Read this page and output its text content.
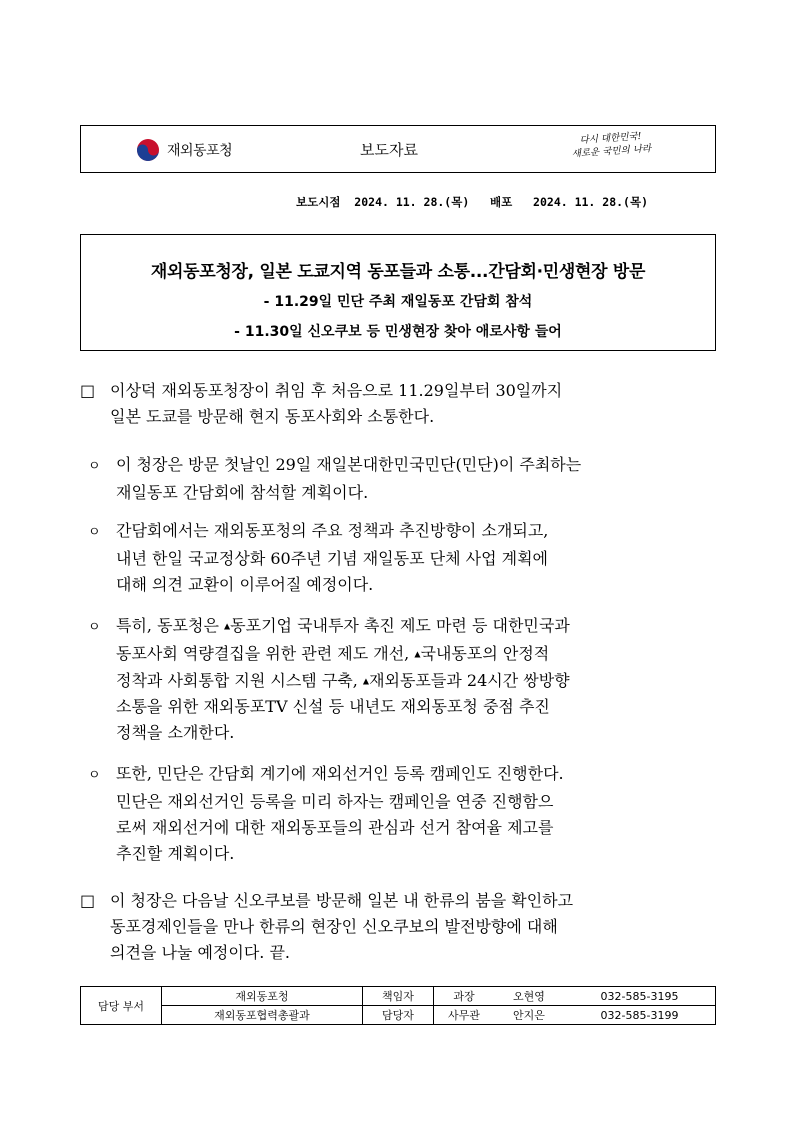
재외동포청	보도자료
다시 대한민국!
새로운 국민의 나라
보도시점 2024. 11. 28.(목) 배포 2024. 11. 28.(목)
재외동포청장, 일본 도쿄지역 동포들과 소통...간담회·민생현장 방문
- 11.29일 민단 주최 재일동포 간담회 참석
- 11.30일 신오쿠보 등 민생현장 찾아 애로사항 들어
□ 이상덕 재외동포청장이 취임 후 처음으로 11.29일부터 30일까지
일본 도쿄를 방문해 현지 동포사회와 소통한다.
ㅇ 이 청장은 방문 첫날인 29일 재일본대한민국민단(민단)이 주최하는
재일동포 간담회에 참석할 계획이다.
ㅇ 간담회에서는 재외동포청의 주요 정책과 추진방향이 소개되고,
내년 한일 국교정상화 60주년 기념 재일동포 단체 사업 계획에
대해 의견 교환이 이루어질 예정이다.
ㅇ 특히, 동포청은 ▲동포기업 국내투자 촉진 제도 마련 등 대한민국과
동포사회 역량결집을 위한 관련 제도 개선, ▲국내동포의 안정적
정착과 사회통합 지원 시스템 구축, ▲재외동포들과 24시간 쌍방향
소통을 위한 재외동포TV 신설 등 내년도 재외동포청 중점 추진
정책을 소개한다.
ㅇ 또한, 민단은 간담회 계기에 재외선거인 등록 캠페인도 진행한다.
민단은 재외선거인 등록을 미리 하자는 캠페인을 연중 진행함으
로써 재외선거에 대한 재외동포들의 관심과 선거 참여율 제고를
추진할 계획이다.
□ 이 청장은 다음날 신오쿠보를 방문해 일본 내 한류의 붐을 확인하고
동포경제인들을 만나 한류의 현장인 신오쿠보의 발전방향에 대해
의견을 나눌 예정이다. 끝.
담당 부서	재외동포청	책임자	과장	오현영	032-585-3195
	재외동포협력총괄과	담당자	사무관	안지은	032-585-3199
